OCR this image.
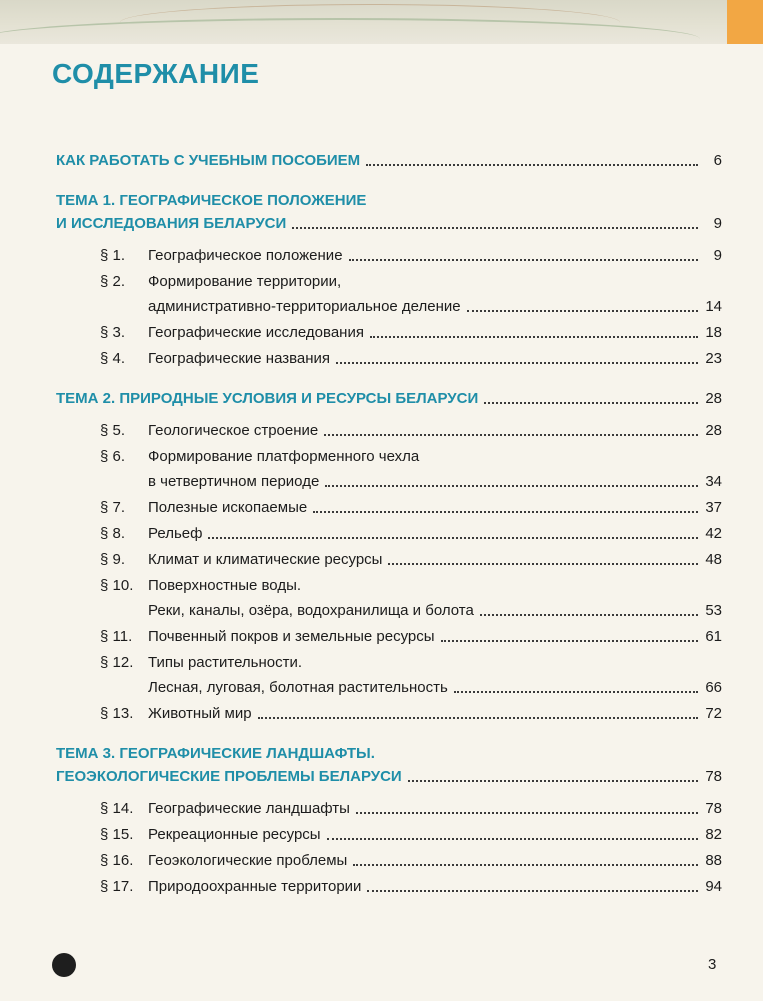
СОДЕРЖАНИЕ
КАК РАБОТАТЬ С УЧЕБНЫМ ПОСОБИЕМ	6
ТЕМА 1. ГЕОГРАФИЧЕСКОЕ ПОЛОЖЕНИЕ
И ИССЛЕДОВАНИЯ БЕЛАРУСИ	9
§ 1.	Географическое положение	9
§ 2.	Формирование территории,
административно-территориальное деление	14
§ 3.	Географические исследования	18
§ 4.	Географические названия	23
ТЕМА 2. ПРИРОДНЫЕ УСЛОВИЯ И РЕСУРСЫ БЕЛАРУСИ	28
§ 5.	Геологическое строение	28
§ 6.	Формирование платформенного чехла
в четвертичном периоде	34
§ 7.	Полезные ископаемые	37
§ 8.	Рельеф	42
§ 9.	Климат и климатические ресурсы	48
§ 10. Поверхностные воды.
Реки, каналы, озёра, водохранилища и болота	53
§ 11.	Почвенный покров и земельные ресурсы	61
§ 12. Типы растительности.
Лесная, луговая, болотная растительность	66
§ 13. Животный мир	72
ТЕМА 3. ГЕОГРАФИЧЕСКИЕ ЛАНДШАФТЫ.
ГЕОЭКОЛОГИЧЕСКИЕ ПРОБЛЕМЫ БЕЛАРУСИ	78
§ 14. Географические ландшафты	78
§ 15. Рекреационные ресурсы	82
§ 16. Геоэкологические проблемы	88
§ 17. Природоохранные территории	94
3
